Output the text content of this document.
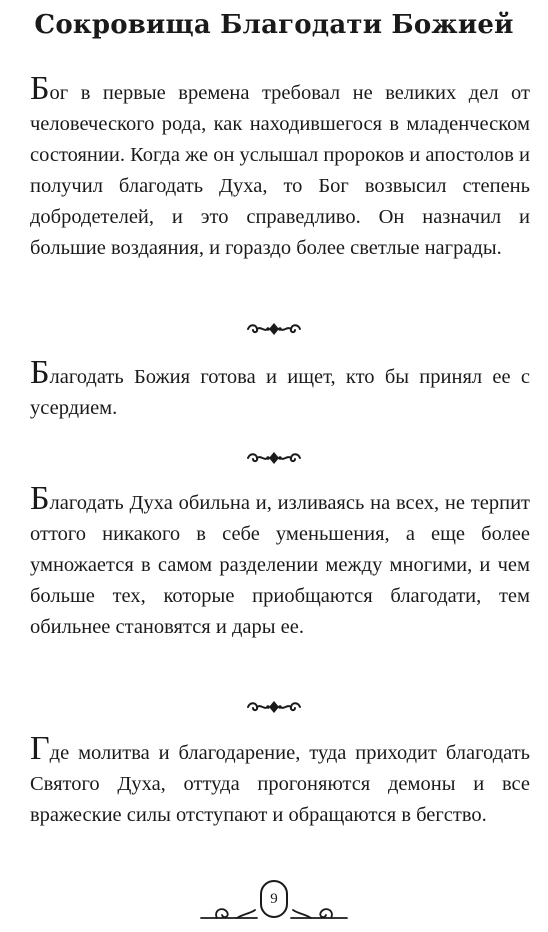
Сокровища Благодати Божией
Бог в первые времена требовал не великих дел от человеческого рода, как находившегося в младенческом состоянии. Когда же он услышал пророков и апостолов и получил благодать Духа, то Бог возвысил степень добродетелей, и это справедливо. Он назначил и большие воздаяния, и гораздо более светлые награды.
Благодать Божия готова и ищет, кто бы принял ее с усердием.
Благодать Духа обильна и, изливаясь на всех, не терпит оттого никакого в себе уменьшения, а еще более умножается в самом разделении между многими, и чем больше тех, которые приобщаются благодати, тем обильнее становятся и дары ее.
Где молитва и благодарение, туда приходит благодать Святого Духа, оттуда прогоняются демоны и все вражеские силы отступают и обращаются в бегство.
9
